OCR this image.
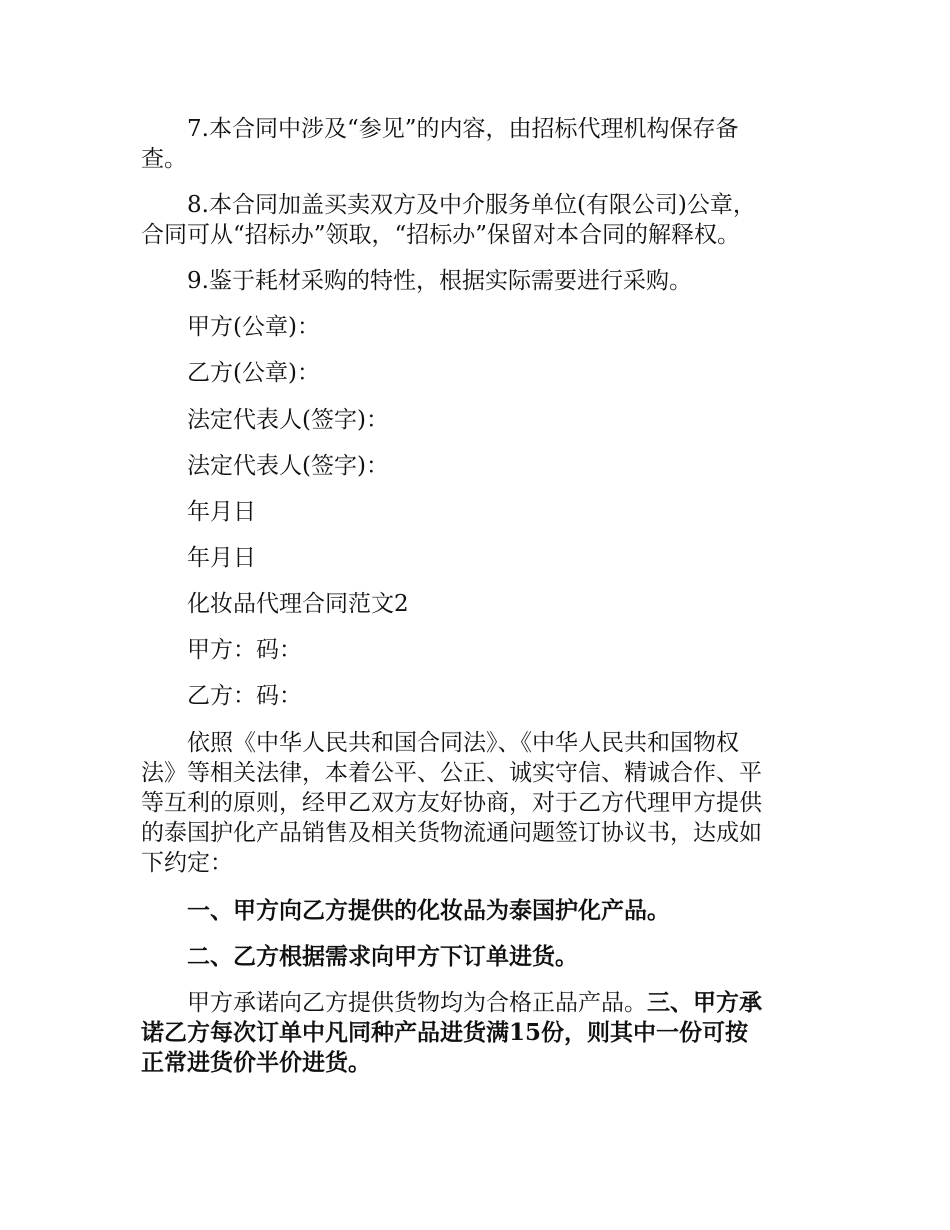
7.本合同中涉及“参见”的内容，由招标代理机构保存备
查。

8.本合同加盖买卖双方及中介服务单位(有限公司)公章，
合同可从“招标办”领取，“招标办”保留对本合同的解释权。

9.鉴于耗材采购的特性，根据实际需要进行采购。

甲方(公章)：

乙方(公章)：

法定代表人(签字)：

法定代表人(签字)：

年月日

年月日

化妆品代理合同范文2

甲方：码：

乙方：码：

依照《中华人民共和国合同法》、《中华人民共和国物权
法》等相关法律，本着公平、公正、诚实守信、精诚合作、平
等互利的原则，经甲乙双方友好协商，对于乙方代理甲方提供
的泰国护化产品销售及相关货物流通问题签订协议书，达成如
下约定：

一、甲方向乙方提供的化妆品为泰国护化产品。

二、乙方根据需求向甲方下订单进货。

甲方承诺向乙方提供货物均为合格正品产品。三、甲方承
诺乙方每次订单中凡同种产品进货满15份，则其中一份可按
正常进货价半价进货。
